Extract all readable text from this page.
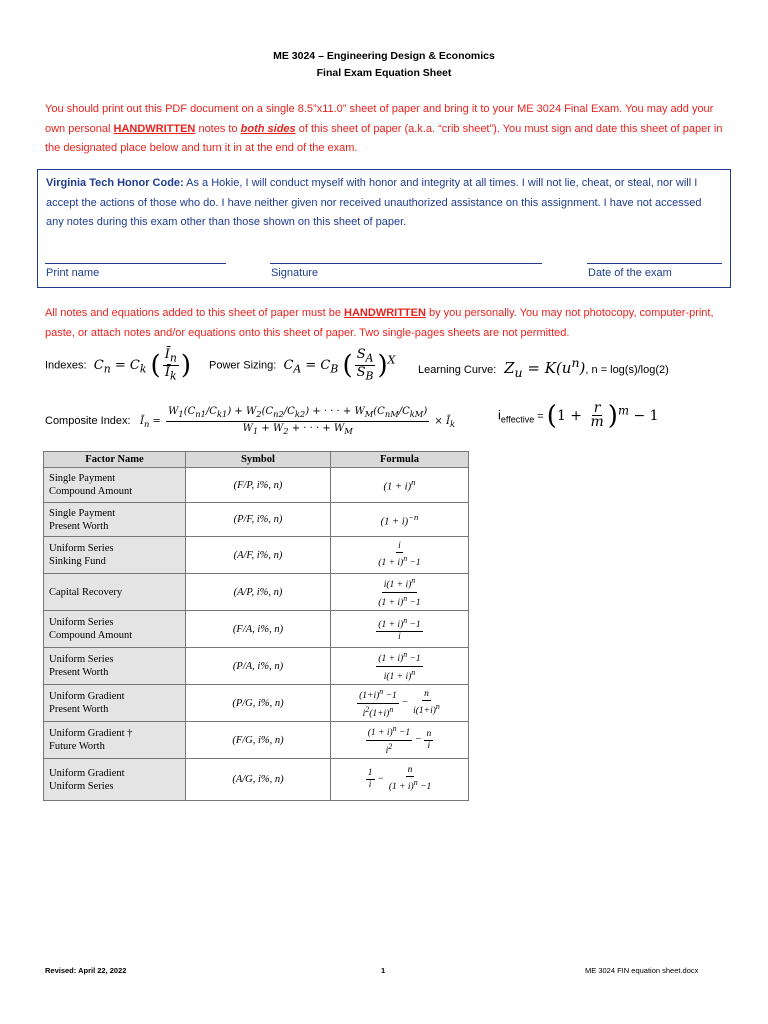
ME 3024 – Engineering Design & Economics
Final Exam Equation Sheet
You should print out this PDF document on a single 8.5”x11.0” sheet of paper and bring it to your ME 3024 Final Exam. You may add your own personal HANDWRITTEN notes to both sides of this sheet of paper (a.k.a. “crib sheet”). You must sign and date this sheet of paper in the designated place below and turn it in at the end of the exam.
Virginia Tech Honor Code: As a Hokie, I will conduct myself with honor and integrity at all times. I will not lie, cheat, or steal, nor will I accept the actions of those who do. I have neither given nor received unauthorized assistance on this assignment. I have not accessed any notes during this exam other than those shown on this sheet of paper.
Print name	Signature	Date of the exam
All notes and equations added to this sheet of paper must be HANDWRITTEN by you personally. You may not photocopy, computer-print, paste, or attach notes and/or equations onto this sheet of paper. Two single-pages sheets are not permitted.
Indexes:  $C_n = C_k$ ( $\frac{Ī_n}{Ī_k}$ ) Power Sizing:  $C_A = C_B$ ( $\frac{S_A}{S_B} )^X$
Learning Curve:  $Z_u = K(u^n)$, n = log(s)/log(2)
Composite Index:   $Ī_n = \frac{W_1(C_{n1}/C_{k1}) + W_2(C_{n2}/C_{k2}) + \cdot \cdot \cdot + W_M(C_{nM}/C_{kM})}{W_1 + W_2 + \cdot \cdot \cdot + W_M}$ × $Ī_k$
$i_{effective} = (1 + \frac{r}{m} )^m - 1$
Factor Name	Symbol	Formula
Single Payment
Compound Amount	(F/P, i%, n)	$(1 + i)^n$
Single Payment
Present Worth	(P/F, i%, n)	$(1 + i)^{-n}$
Uniform Series
Sinking Fund	(A/F, i%, n)	$\frac{i}{(1 + i)^n -1}$

Capital Recovery	(A/P, i%, n)	$\frac{i(1 + i)^n}{(1 + i)^n -1}$

Uniform Series
Compound Amount	(F/A, i%, n)	$\frac{(1 + i)^n -1}{i}$

Uniform Series
Present Worth	(P/A, i%, n)	$\frac{(1 + i)^n -1}{i(1 + i)^n}$

Uniform Gradient
Present Worth	(P/G, i%, n)	$\frac{(1+i)^n -1}{i^2(1+i)^n} - \frac{n}{i(1+i)^n}$

Uniform Gradient †
Future Worth	(F/G, i%, n)	$\frac{(1 + i)^n -1}{i^2} - \frac{n}{i}$

Uniform Gradient
Uniform Series	(A/G, i%, n)	$\frac{1}{i} - \frac{n}{(1 + i)^n -1}$
Revised: April 22, 2022	1	ME 3024 FIN equation sheet.docx
